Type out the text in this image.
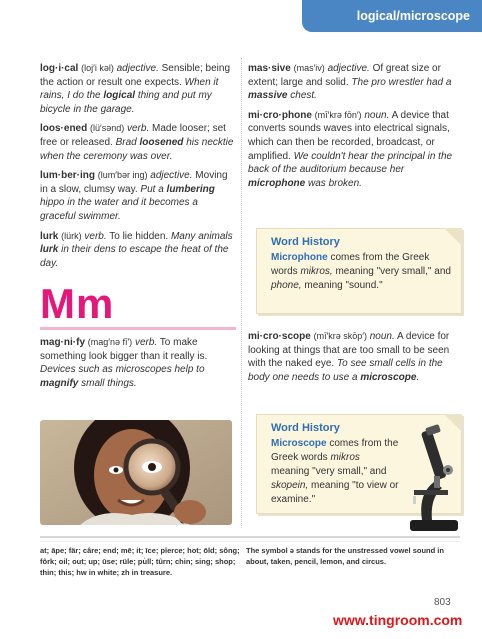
logical/microscope
log·i·cal (loj′i kəl) adjective. Sensible; being the action or result one expects. When it rains, I do the logical thing and put my bicycle in the garage.
loos·ened (lü′sənd) verb. Made looser; set free or released. Brad loosened his necktie when the ceremony was over.
lum·ber·ing (lum′bər ing) adjective. Moving in a slow, clumsy way. Put a lumbering hippo in the water and it becomes a graceful swimmer.
lurk (lürk) verb. To lie hidden. Many animals lurk in their dens to escape the heat of the day.
Mm
mag·ni·fy (mag′nə fī′) verb. To make something look bigger than it really is. Devices such as microscopes help to magnify small things.
mas·sive (mas′iv) adjective. Of great size or extent; large and solid. The pro wrestler had a massive chest.
mi·cro·phone (mī′krə fōn′) noun. A device that converts sounds waves into electrical signals, which can then be recorded, broadcast, or amplified. We couldn't hear the principal in the back of the auditorium because her microphone was broken.
Word History
Microphone comes from the Greek words mikros, meaning "very small," and phone, meaning "sound."
mi·cro·scope (mī′krə skōp′) noun. A device for looking at things that are too small to be seen with the naked eye. To see small cells in the body one needs to use a microscope.
Word History
Microscope comes from the Greek words mikros meaning "very small," and skopein, meaning "to view or examine."
at; āpe; fär; câre; end; mē; it; īce; pîerce; hot; ōld; sông; fôrk; oil; out; up; ūse; rüle; pu̇ll; tûrn; chin; sing; shop; thin; this; hw in white; zh in treasure.
The symbol ə stands for the unstressed vowel sound in about, taken, pencil, lemon, and circus.
803
www.tingroom.com
